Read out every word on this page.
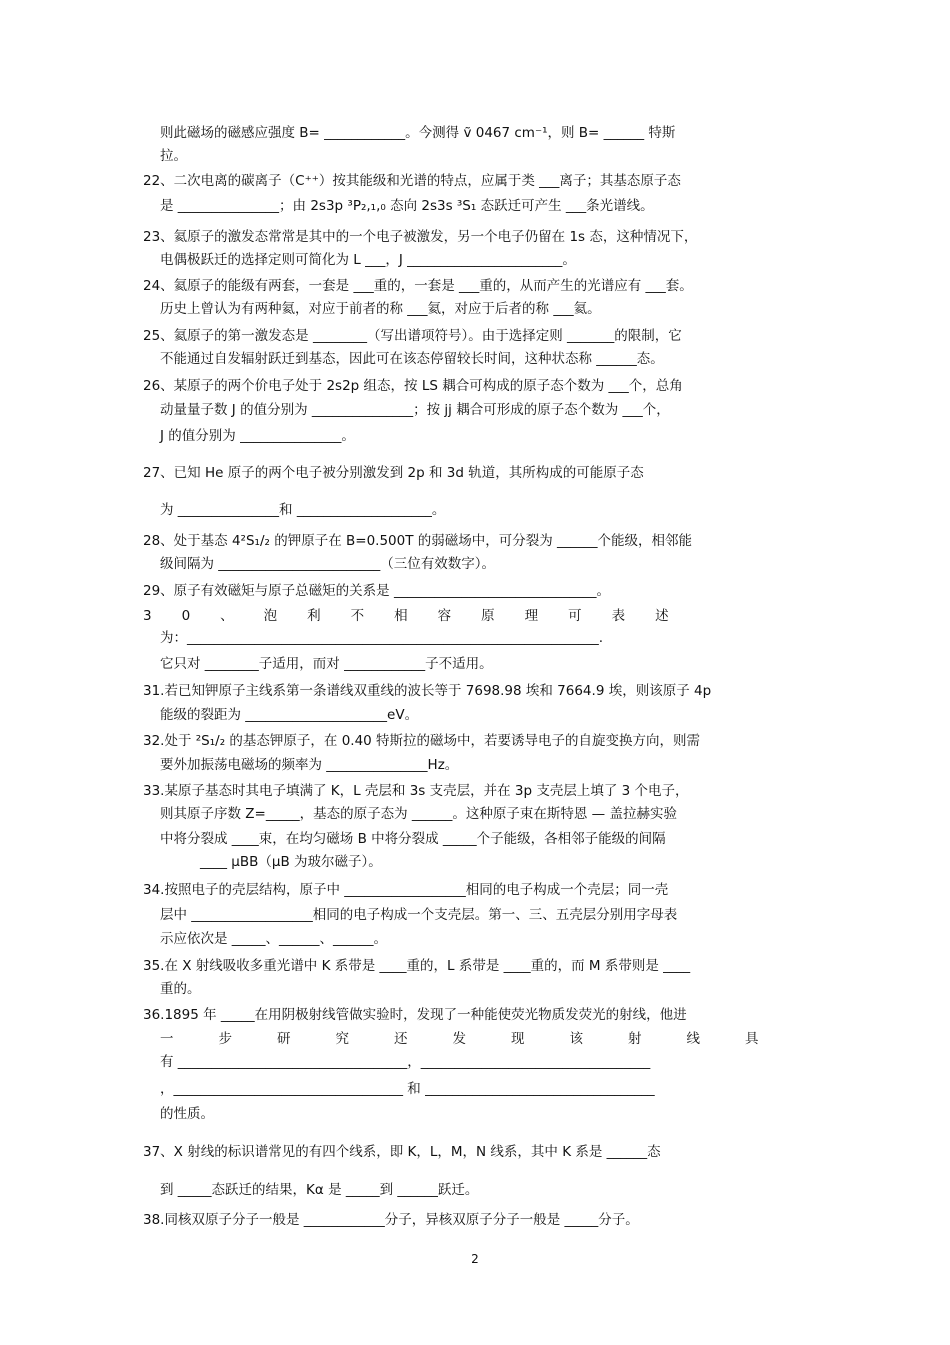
则此磁场的磁感应强度 B= ____________。今测得 ṽ 0467 cm⁻¹，则 B= ______ 特斯
拉。
22、二次电离的碳离子（C⁺⁺）按其能级和光谱的特点，应属于类 ___离子；其基态原子态
是 _______________；由 2s3p ³P₂,₁,₀ 态向 2s3s ³S₁ 态跃迁可产生 ___条光谱线。
23、氦原子的激发态常常是其中的一个电子被激发，另一个电子仍留在 1s 态，这种情况下，
电偶极跃迁的选择定则可简化为 L ___，J _______________________。
24、氦原子的能级有两套，一套是 ___重的，一套是 ___重的，从而产生的光谱应有 ___套。
历史上曾认为有两种氦，对应于前者的称 ___氦，对应于后者的称 ___氦。
25、氦原子的第一激发态是 ________（写出谱项符号）。由于选择定则 _______的限制，它
不能通过自发辐射跃迁到基态，因此可在该态停留较长时间，这种状态称 ______态。
26、某原子的两个价电子处于 2s2p 组态，按 LS 耦合可构成的原子态个数为 ___个，总角
动量量子数 J 的值分别为 _______________；按 jj 耦合可形成的原子态个数为 ___个，
J 的值分别为 _______________。
27、已知 He 原子的两个电子被分别激发到 2p 和 3d 轨道，其所构成的可能原子态
为 _______________和 ____________________。
28、处于基态 4²S₁/₂ 的钾原子在 B=0.500T 的弱磁场中，可分裂为 ______个能级，相邻能
级间隔为 ________________________（三位有效数字）。
29、原子有效磁矩与原子总磁矩的关系是 ______________________________。
30、泡利不相容原理可表述
为：_____________________________________________________________.
它只对 ________子适用，而对 ____________子不适用。
31.若已知钾原子主线系第一条谱线双重线的波长等于 7698.98 埃和 7664.9 埃，则该原子 4p
能级的裂距为 _____________________eV。
32.处于 ²S₁/₂ 的基态钾原子，在 0.40 特斯拉的磁场中，若要诱导电子的自旋变换方向，则需
要外加振荡电磁场的频率为 _______________Hz。
33.某原子基态时其电子填满了 K，L 壳层和 3s 支壳层，并在 3p 支壳层上填了 3 个电子，
则其原子序数 Z=_____，基态的原子态为 ______。这种原子束在斯特恩 — 盖拉赫实验
中将分裂成 ____束，在均匀磁场 B 中将分裂成 _____个子能级，各相邻子能级的间隔
____ μBB（μB 为玻尔磁子）。
34.按照电子的壳层结构，原子中 __________________相同的电子构成一个壳层；同一壳
层中 __________________相同的电子构成一个支壳层。第一、三、五壳层分别用字母表
示应依次是 _____、______、______。
35.在 X 射线吸收多重光谱中 K 系带是 ____重的，L 系带是 ____重的，而 M 系带则是 ____
重的。
36.1895 年 _____在用阴极射线管做实验时，发现了一种能使荧光物质发荧光的射线，他进
一步研究还发现该射线具
有 __________________________________，__________________________________
，__________________________________ 和 __________________________________
的性质。
37、X 射线的标识谱常见的有四个线系，即 K，L，M，N 线系，其中 K 系是 ______态
到 _____态跃迁的结果，Kα 是 _____到 ______跃迁。
38.同核双原子分子一般是 ____________分子，异核双原子分子一般是 _____分子。
2
